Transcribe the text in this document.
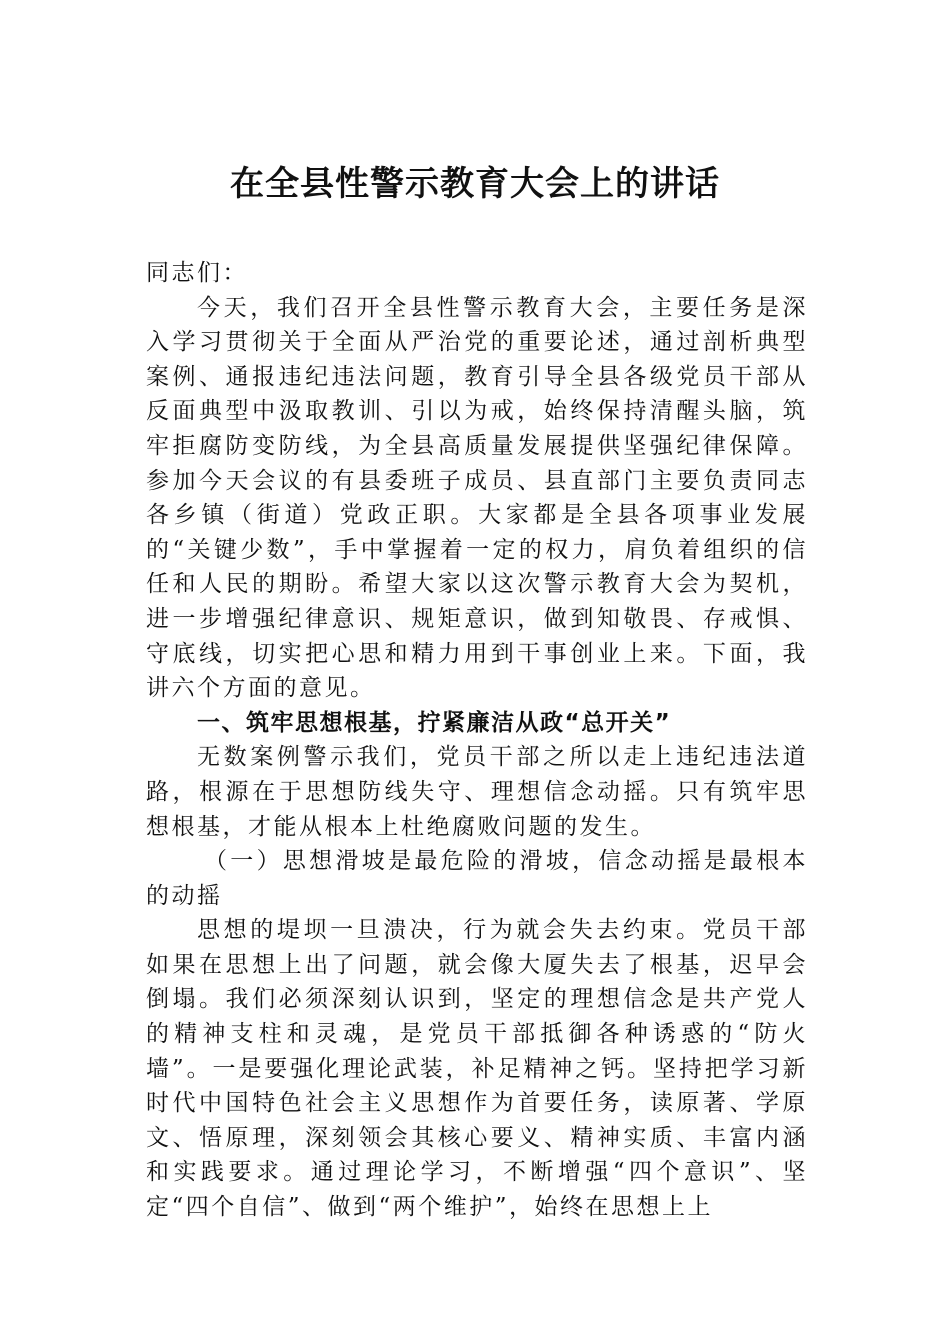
在全县性警示教育大会上的讲话

同志们：

今天，我们召开全县性警示教育大会，主要任务是深入学习贯彻关于全面从严治党的重要论述，通过剖析典型案例、通报违纪违法问题，教育引导全县各级党员干部从反面典型中汲取教训、引以为戒，始终保持清醒头脑，筑牢拒腐防变防线，为全县高质量发展提供坚强纪律保障。参加今天会议的有县委班子成员、县直部门主要负责同志各乡镇（街道）党政正职。大家都是全县各项事业发展的“关键少数”，手中掌握着一定的权力，肩负着组织的信任和人民的期盼。希望大家以这次警示教育大会为契机，进一步增强纪律意识、规矩意识，做到知敬畏、存戒惧、守底线，切实把心思和精力用到干事创业上来。下面，我讲六个方面的意见。

一、筑牢思想根基，拧紧廉洁从政“总开关”

无数案例警示我们，党员干部之所以走上违纪违法道路，根源在于思想防线失守、理想信念动摇。只有筑牢思想根基，才能从根本上杜绝腐败问题的发生。

（一）思想滑坡是最危险的滑坡，信念动摇是最根本的动摇

思想的堤坝一旦溃决，行为就会失去约束。党员干部如果在思想上出了问题，就会像大厦失去了根基，迟早会倒塌。我们必须深刻认识到，坚定的理想信念是共产党人的精神支柱和灵魂，是党员干部抵御各种诱惑的“防火墙”。一是要强化理论武装，补足精神之钙。坚持把学习新时代中国特色社会主义思想作为首要任务，读原著、学原文、悟原理，深刻领会其核心要义、精神实质、丰富内涵和实践要求。通过理论学习，不断增强“四个意识”、坚定“四个自信”、做到“两个维护”，始终在思想上上
